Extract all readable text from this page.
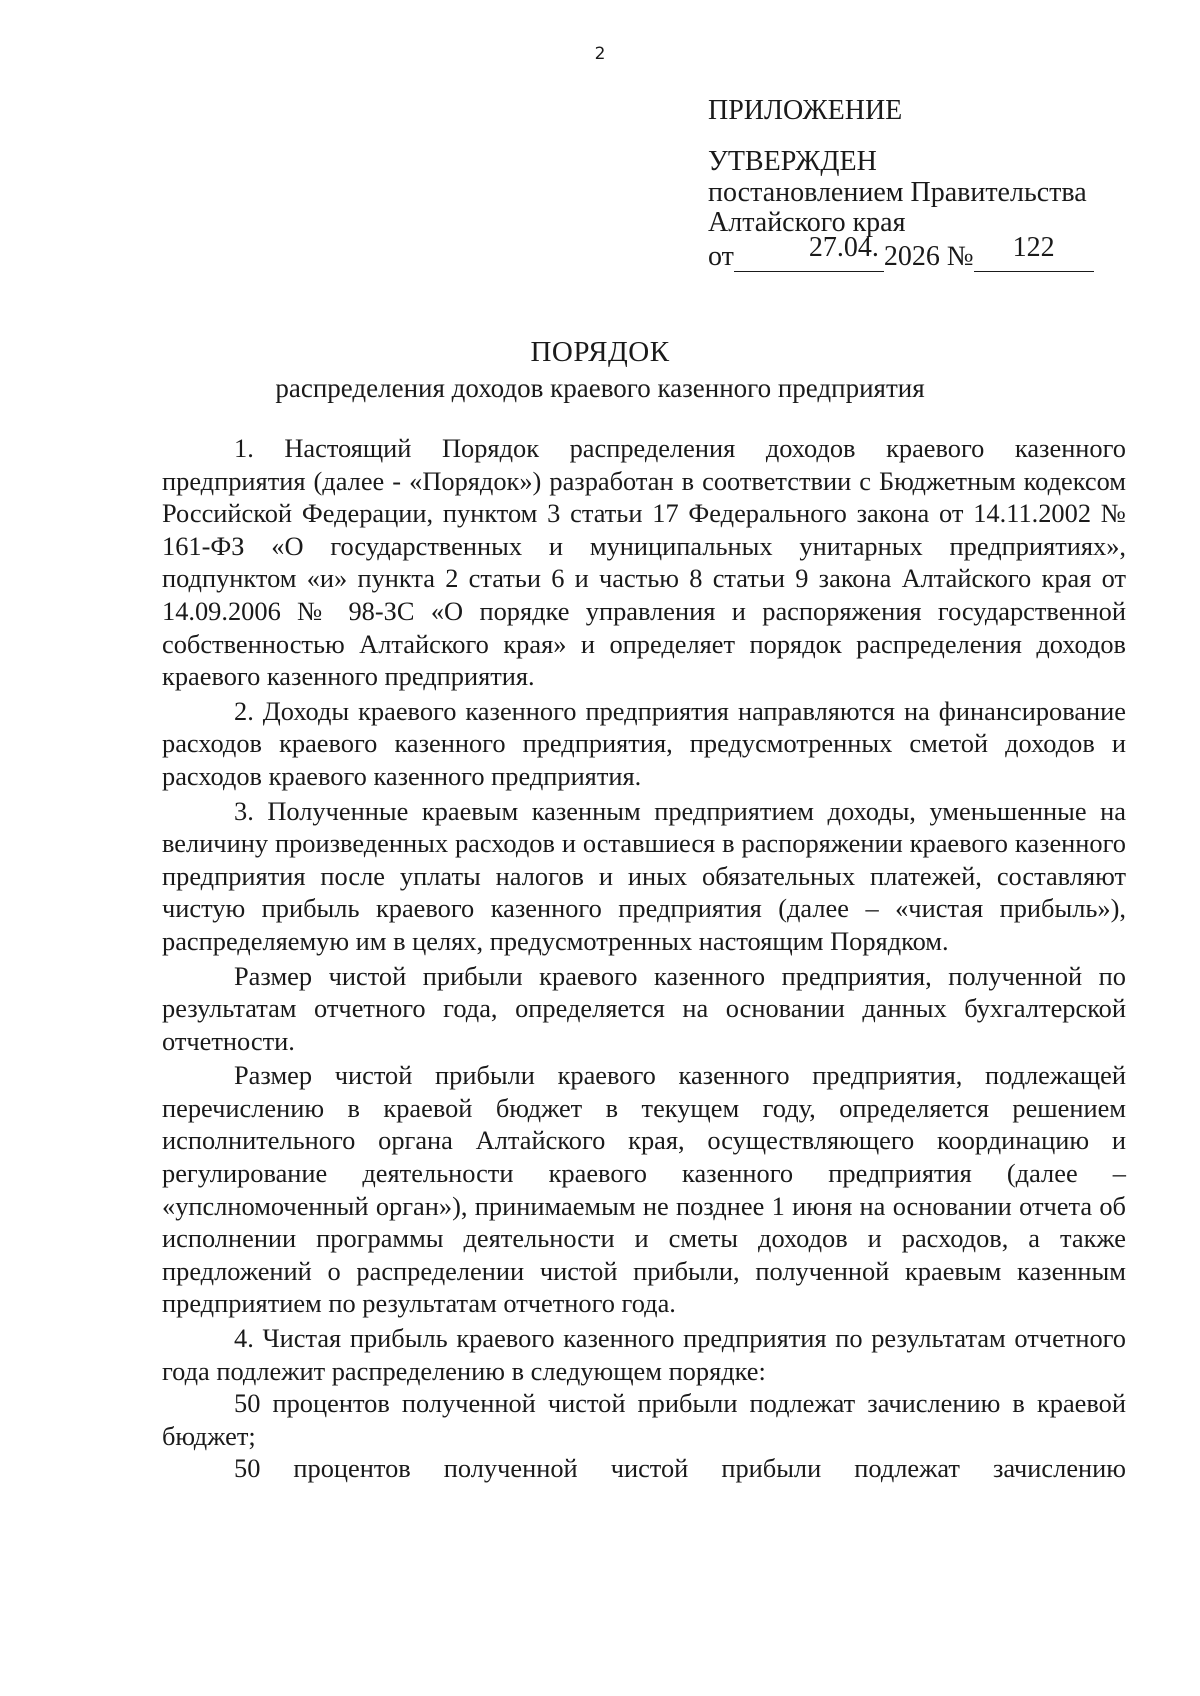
2
ПРИЛОЖЕНИЕ
УТВЕРЖДЕН
постановлением Правительства
Алтайского края
от	27.04. 2026 №	122
ПОРЯДОК
распределения доходов краевого казенного предприятия

1. Настоящий Порядок распределения доходов краевого казенного предприятия (далее - «Порядок») разработан в соответствии с Бюджетным кодексом Российской Федерации, пунктом 3 статьи 17 Федерального закона от 14.11.2002 № 161-ФЗ «О государственных и муниципальных унитарных предприятиях», подпунктом «и» пункта 2 статьи 6 и частью 8 статьи 9 закона Алтайского края от 14.09.2006 № 98-ЗС «О порядке управления и распоряжения государственной собственностью Алтайского края» и определяет порядок распределения доходов краевого казенного предприятия.

2. Доходы краевого казенного предприятия направляются на финансирование расходов краевого казенного предприятия, предусмотренных сметой доходов и расходов краевого казенного предприятия.

3. Полученные краевым казенным предприятием доходы, уменьшенные на величину произведенных расходов и оставшиеся в распоряжении краевого казенного предприятия после уплаты налогов и иных обязательных платежей, составляют чистую прибыль краевого казенного предприятия (далее – «чистая прибыль»), распределяемую им в целях, предусмотренных настоящим Порядком.

Размер чистой прибыли краевого казенного предприятия, полученной по результатам отчетного года, определяется на основании данных бухгалтерской отчетности.

Размер чистой прибыли краевого казенного предприятия, подлежащей перечислению в краевой бюджет в текущем году, определяется решением исполнительного органа Алтайского края, осуществляющего координацию и регулирование деятельности краевого казенного предприятия (далее – «упслномоченный орган»), принимаемым не позднее 1 июня на основании отчета об исполнении программы деятельности и сметы доходов и расходов, а также предложений о распределении чистой прибыли, полученной краевым казенным предприятием по результатам отчетного года.

4. Чистая прибыль краевого казенного предприятия по результатам отчетного года подлежит распределению в следующем порядке:

50 процентов полученной чистой прибыли подлежат зачислению в краевой бюджет;

50 процентов полученной чистой прибыли подлежат зачислению
